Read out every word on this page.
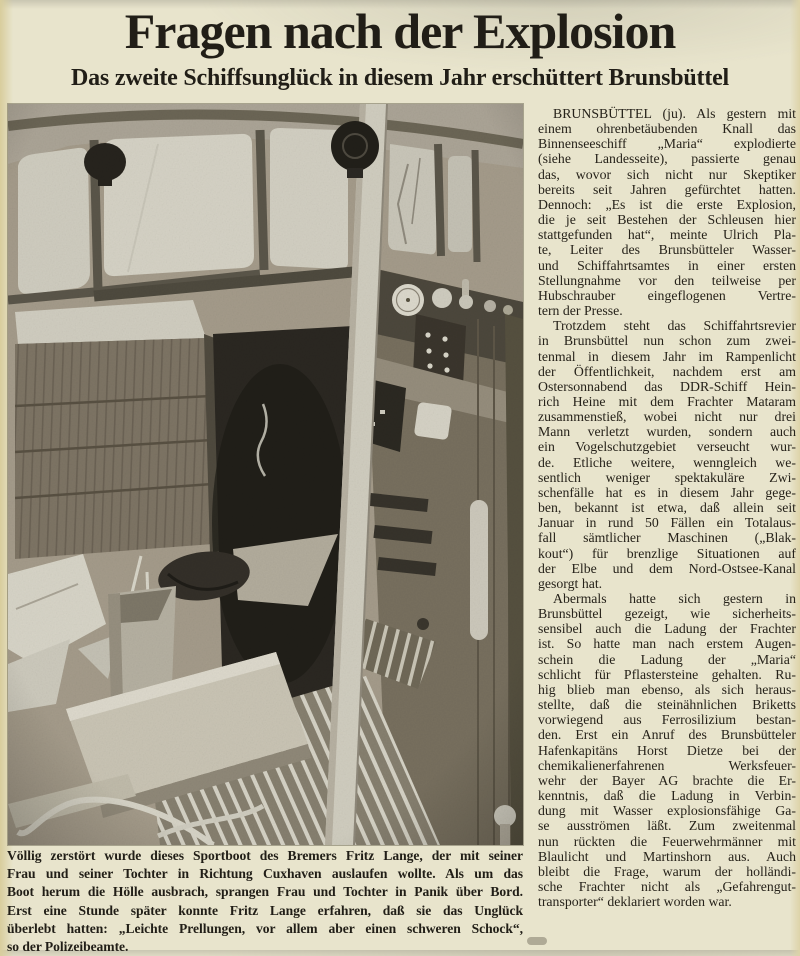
Fragen nach der Explosion
Das zweite Schiffsunglück in diesem Jahr erschüttert Brunsbüttel
Völlig zerstört wurde dieses Sportboot des Bremers Fritz Lange, der mit seiner
Frau und seiner Tochter in Richtung Cuxhaven auslaufen wollte. Als um das
Boot herum die Hölle ausbrach, sprangen Frau und Tochter in Panik über Bord.
Erst eine Stunde später konnte Fritz Lange erfahren, daß sie das Unglück
überlebt hatten: „Leichte Prellungen, vor allem aber einen schweren Schock“,
so der Polizeibeamte.
BRUNSBÜTTEL (ju). Als gestern mit
einem ohrenbetäubenden Knall das
Binnenseeschiff „Maria“ explodierte
(siehe Landesseite), passierte genau
das, wovor sich nicht nur Skeptiker
bereits seit Jahren gefürchtet hatten.
Dennoch: „Es ist die erste Explosion,
die je seit Bestehen der Schleusen hier
stattgefunden hat“, meinte Ulrich Pla-
te, Leiter des Brunsbütteler Wasser-
und Schiffahrtsamtes in einer ersten
Stellungnahme vor den teilweise per
Hubschrauber eingeflogenen Vertre-
tern der Presse.
Trotzdem steht das Schiffahrtsrevier
in Brunsbüttel nun schon zum zwei-
tenmal in diesem Jahr im Rampenlicht
der Öffentlichkeit, nachdem erst am
Ostersonnabend das DDR-Schiff Hein-
rich Heine mit dem Frachter Mataram
zusammenstieß, wobei nicht nur drei
Mann verletzt wurden, sondern auch
ein Vogelschutzgebiet verseucht wur-
de. Etliche weitere, wenngleich we-
sentlich weniger spektakuläre Zwi-
schenfälle hat es in diesem Jahr gege-
ben, bekannt ist etwa, daß allein seit
Januar in rund 50 Fällen ein Totalaus-
fall sämtlicher Maschinen („Blak-
kout“) für brenzlige Situationen auf
der Elbe und dem Nord-Ostsee-Kanal
gesorgt hat.
Abermals hatte sich gestern in
Brunsbüttel gezeigt, wie sicherheits-
sensibel auch die Ladung der Frachter
ist. So hatte man nach erstem Augen-
schein die Ladung der „Maria“
schlicht für Pflastersteine gehalten. Ru-
hig blieb man ebenso, als sich heraus-
stellte, daß die steinähnlichen Briketts
vorwiegend aus Ferrosilizium bestan-
den. Erst ein Anruf des Brunsbütteler
Hafenkapitäns Horst Dietze bei der
chemikalienerfahrenen Werksfeuer-
wehr der Bayer AG brachte die Er-
kenntnis, daß die Ladung in Verbin-
dung mit Wasser explosionsfähige Ga-
se ausströmen läßt. Zum zweitenmal
nun rückten die Feuerwehrmänner mit
Blaulicht und Martinshorn aus. Auch
bleibt die Frage, warum der holländi-
sche Frachter nicht als „Gefahrengut-
transporter“ deklariert worden war.
